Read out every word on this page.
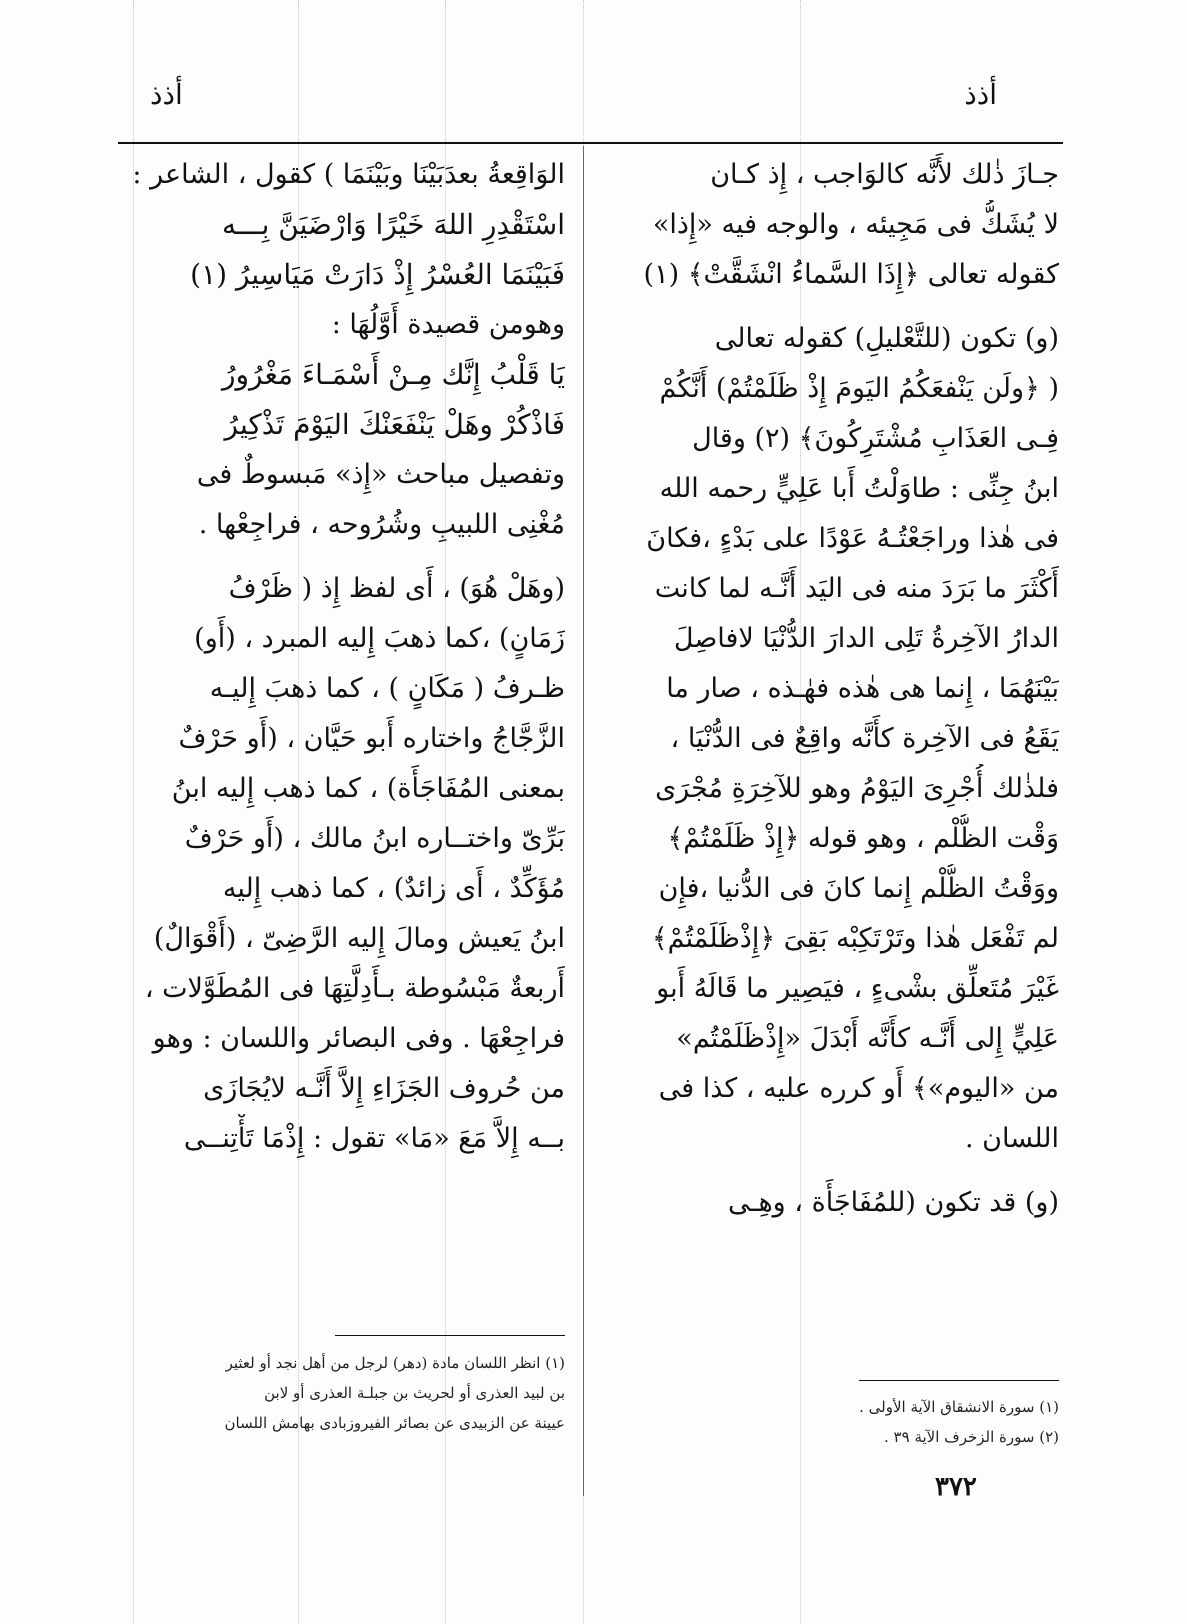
أذذ
أذذ

جـازَ ذٰلك لأَنَّه كالوَاجب ، إِذ كـان

لا يُشَكُّ فى مَجِيئه ، والوجه فيه «إِذا»

كقوله تعالى ﴿إِذَا السَّماءُ انْشَقَّتْ﴾ (١)

(و) تكون (للتَّعْليلِ) كقوله تعالى

( ﴿ولَن يَنْفعَكُمُ اليَومَ إِذْ ظَلَمْتُمْ) أَنَّكُمْ

فِـى العَذَابِ مُشْتَرِكُونَ﴾ (٢) وقال

ابنُ جِنِّى : طاوَلْتُ أَبا عَلِيٍّ رحمه الله

فى هٰذا وراجَعْتُـهُ عَوْدًا على بَدْءٍ ،فكانَ

أَكْثَرَ ما بَرَدَ منه فى اليَد أَنَّـه لما كانت

الدارُ الآخِرةُ تَلِى الدارَ الدُّنْيَا لافاصِلَ

بَيْنَهُمَا ، إِنما هى هٰذه فهٰـذه ، صار ما

يَقَعُ فى الآخِرة كأَنَّه واقِعٌ فى الدُّنْيَا ،

فلذٰلك أُجْرِىَ اليَوْمُ وهو للآخِرَةِ مُجْرَى

وَقْت الظُّلْم ، وهو قوله ﴿إِذْ ظَلَمْتُمْ﴾

ووَقْتُ الظُّلْم إِنما كانَ فى الدُّنيا ،فإِن

لم تَفْعَل هٰذا وتَرْتَكِبْه بَقِىَ ﴿إِذْظَلَمْتُمْ﴾

غَيْرَ مُتَعلِّق بشْىءٍ ، فيَصِير ما قَالَهُ أَبو

عَلِيٍّ إِلى أَنَّـه كأَنَّه أَبْدَلَ «إِذْظَلَمْتُم»

من «اليوم»﴾ أَو كرره عليه ، كذا فى

اللسان .

(و) قد تكون (للمُفَاجَأَة ، وهِـى

الوَاقِعةُ بعدَبَيْنَا وبَيْنَمَا ) كقول ، الشاعر :

اسْتَقْدِرِ اللهَ خَيْرًا وَارْضَيَنَّ بِـــه

فَبَيْنَمَا العُسْرُ إِذْ دَارَتْ مَيَاسِيرُ (١)

وهومن قصيدة أَوَّلُهَا :

يَا قَلْبُ إِنَّك مِـنْ أَسْمَـاءَ مَغْرُورُ

فَاذْكُرْ وهَلْ يَنْفَعَنْكَ اليَوْمَ تَذْكِيرُ

وتفصيل مباحث «إِذ» مَبسوطٌ فى

مُغْنِى اللبيبِ وشُرُوحه ، فراجِعْها .

(وهَلْ هُوَ) ، أَى لفظ إِذ ( ظَرْفُ

زَمَانٍ) ،كما ذهبَ إِليه المبرد ، (أَو)

ظـرفُ ( مَكَانٍ ) ، كما ذهبَ إِليـه

الزَّجَّاجُ واختاره أَبو حَيَّان ، (أَو حَرْفٌ

بمعنى المُفَاجَأَة) ، كما ذهب إِليه ابنُ

بَرِّىّ واختــاره ابنُ مالك ، (أَو حَرْفٌ

مُؤَكِّدٌ ، أَى زائدٌ) ، كما ذهب إِليه

ابنُ يَعيش ومالَ إِليه الرَّضِىّ ، (أَقْوَالٌ)

أَربعةٌ مَبْسُوطة بـأَدِلَّتِهَا فى المُطَوَّلات ،

فراجِعْهَا . وفى البصائر واللسان : وهو

من حُروف الجَزَاءِ إِلاَّ أَنَّـه لايُجَازَى

بــه إِلاَّ مَعَ «مَا» تقول : إِذْمَا تَأْتِنــى

(١) سورة الانشقاق الآية الأولى .

(٢) سورة الزخرف الآية ٣٩ .

(١) انظر اللسان مادة (دهر) لرجل من أهل نجد أو لعثير

بن لبيد العذرى أو لحريث بن جبلـة العذرى أو لابن

عيينة عن الزبيدى عن بصائر الفيروزبادى بهامش اللسان

٣٧٢
